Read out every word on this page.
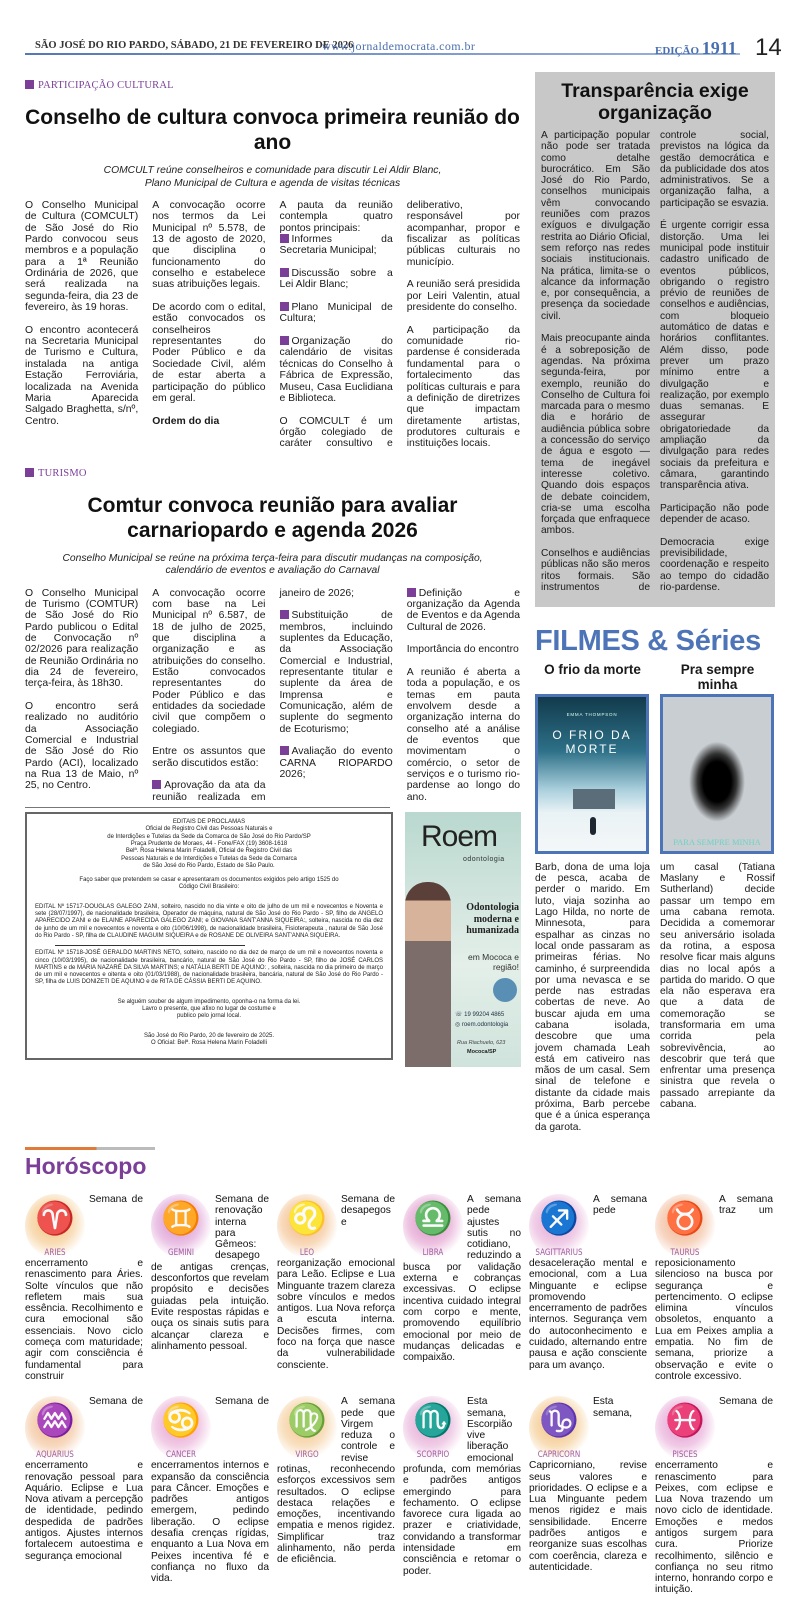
SÃO JOSÉ DO RIO PARDO, SÁBADO, 21 DE FEVEREIRO DE 2026
www.jornaldemocrata.com.br	EDIÇÃO 1911 14
PARTICIPAÇÃO CULTURAL
Conselho de cultura convoca primeira reunião do ano
COMCULT reúne conselheiros e comunidade para discutir Lei Aldir Blanc, Plano Municipal de Cultura e agenda de visitas técnicas

O Conselho Municipal de Cultura (COMCULT) de São José do Rio Pardo convocou seus membros e a população para a 1ª Reunião Ordinária de 2026, que será realizada na segunda-feira, dia 23 de fevereiro, às 19 horas.

O encontro acontecerá na Secretaria Municipal de Turismo e Cultura, instalada na antiga Estação Ferroviária, localizada na Avenida Maria Aparecida Salgado Braghetta, s/nº, Centro.

A convocação ocorre nos termos da Lei Municipal nº 5.578, de 13 de agosto de 2020, que disciplina o funcionamento do conselho e estabelece suas atribuições legais.

De acordo com o edital, estão convocados os conselheiros representantes do Poder Público e da Sociedade Civil, além de estar aberta a participação do público em geral.

Ordem do dia

A pauta da reunião contempla quatro pontos principais:

Informes da Secretaria Municipal;

Discussão sobre a Lei Aldir Blanc;

Plano Municipal de Cultura;

Organização do calendário de visitas técnicas do Conselho à Fábrica de Expressão, Museu, Casa Euclidiana e Biblioteca.

O COMCULT é um órgão colegiado de caráter consultivo e deliberativo, responsável por acompanhar, propor e fiscalizar as políticas públicas culturais no município.

A reunião será presidida por Leiri Valentin, atual presidente do conselho.

A participação da comunidade rio-pardense é considerada fundamental para o fortalecimento das políticas culturais e para a definição de diretrizes que impactam diretamente artistas, produtores culturais e instituições locais.

TURISMO
Comtur convoca reunião para avaliar carnariopardo e agenda 2026
Conselho Municipal se reúne na próxima terça-feira para discutir mudanças na composição, calendário de eventos e avaliação do Carnaval

O Conselho Municipal de Turismo (COMTUR) de São José do Rio Pardo publicou o Edital de Convocação nº 02/2026 para realização de Reunião Ordinária no dia 24 de fevereiro, terça-feira, às 18h30.

O encontro será realizado no auditório da Associação Comercial e Industrial de São José do Rio Pardo (ACI), localizado na Rua 13 de Maio, nº 25, no Centro.

A convocação ocorre com base na Lei Municipal nº 6.587, de 18 de julho de 2025, que disciplina a organização e as atribuições do conselho. Estão convocados representantes do Poder Público e das entidades da sociedade civil que compõem o colegiado.

Entre os assuntos que serão discutidos estão:

Aprovação da ata da reunião realizada em janeiro de 2026;

Substituição de membros, incluindo suplentes da Educação, da Associação Comercial e Industrial, representante titular e suplente da área de Imprensa e Comunicação, além de suplente do segmento de Ecoturismo;

Avaliação do evento CARNA RIOPARDO 2026;

Definição e organização da Agenda de Eventos e da Agenda Cultural de 2026.

Importância do encontro

A reunião é aberta a toda a população, e os temas em pauta envolvem desde a organização interna do conselho até a análise de eventos que movimentam o comércio, o setor de serviços e o turismo rio-pardense ao longo do ano.

EDITAIS DE PROCLAMAS
Oficial de Registro Civil das Pessoas Naturais e
de Interdições e Tutelas da Sede da Comarca de São José do Rio Pardo/SP
Praça Prudente de Moraes, 44 - Fone/FAX (19) 3608-1618
Belª. Rosa Helena Marin Foladelli, Oficial de Registro Civil das
Pessoas Naturais e de Interdições e Tutelas da Sede da Comarca
de São José do Rio Pardo, Estado de São Paulo.
Faço saber que pretendem se casar e apresentaram os documentos exigidos pelo artigo 1525 do Código Civil Brasileiro:
EDITAL Nº 15717-DOUGLAS GALEGO ZANI, solteiro, nascido no dia vinte e oito de julho de um mil e novecentos e Noventa e sete (28/07/1997), de nacionalidade brasileira, Operador de máquina, natural de São José do Rio Pardo - SP, filho de ANGELO APARECIDO ZANI e de ELAINE APARECIDA GALEGO ZANI; e GIOVANA SANT'ANNA SIQUEIRA:, solteira, nascida no dia dez de junho de um mil e novecentos e noventa e oito (10/06/1998), de nacionalidade brasileira, Fisioterapeuta , natural de São José do Rio Pardo - SP, filha de CLAUDINE MAGUIM SIQUEIRA e de ROSANE DE OLIVEIRA SANT'ANNA SIQUEIRA.
EDITAL Nº 15718-JOSÉ GERALDO MARTINS NETO, solteiro, nascido no dia dez de março de um mil e novecentos noventa e cinco (10/03/1995), de nacionalidade brasileira, bancário, natural de São José do Rio Pardo - SP, filho de JOSÉ CARLOS MARTINS e de MARIA NAZARÉ DA SILVA MARTINS; e NATÁLIA BERTI DE AQUINO: , solteira, nascida no dia primeiro de março de um mil e novecentos e oitenta e oito (01/03/1988), de nacionalidade brasileira, bancária, natural de São José do Rio Pardo - SP, filha de LUIS DONIZETI DE AQUINO e de RITA DE CÁSSIA BERTI DE AQUINO.
Se alguém souber de algum impedimento, oponha-o na forma da lei.
Lavro o presente, que afixo no lugar de costume e
publico pelo jornal local.
São José do Rio Pardo, 20 de fevereiro de 2025.
O Oficial: Belª. Rosa Helena Marin Foladelli
Roem
odontologia
Odontologia moderna e humanizada
em Mococa e região!
☏ 19 99204 4865
◎ roem.odontologia
Rua Riachuelo, 623
Mococa/SP
Transparência exige organização

A participação popular não pode ser tratada como detalhe burocrático. Em São José do Rio Pardo, conselhos municipais vêm convocando reuniões com prazos exíguos e divulgação restrita ao Diário Oficial, sem reforço nas redes sociais institucionais. Na prática, limita-se o alcance da informação e, por consequência, a presença da sociedade civil.

Mais preocupante ainda é a sobreposição de agendas. Na próxima segunda-feira, por exemplo, reunião do Conselho de Cultura foi marcada para o mesmo dia e horário de audiência pública sobre a concessão do serviço de água e esgoto — tema de inegável interesse coletivo. Quando dois espaços de debate coincidem, cria-se uma escolha forçada que enfraquece ambos.

Conselhos e audiências públicas não são meros ritos formais. São instrumentos de controle social, previstos na lógica da gestão democrática e da publicidade dos atos administrativos. Se a organização falha, a participação se esvazia.

É urgente corrigir essa distorção. Uma lei municipal pode instituir cadastro unificado de eventos públicos, obrigando o registro prévio de reuniões de conselhos e audiências, com bloqueio automático de datas e horários conflitantes. Além disso, pode prever um prazo mínimo entre a divulgação e realização, por exemplo duas semanas. E assegurar obrigatoriedade da ampliação da divulgação para redes sociais da prefeitura e câmara, garantindo transparência ativa.

Participação não pode depender de acaso.

Democracia exige previsibilidade, coordenação e respeito ao tempo do cidadão rio-pardense.

FILMES & Séries
O frio da morte
EMMA THOMPSON
O FRIO DA MORTE
Barb, dona de uma loja de pesca, acaba de perder o marido. Em luto, viaja sozinha ao Lago Hilda, no norte de Minnesota, para espalhar as cinzas no local onde passaram as primeiras férias. No caminho, é surpreendida por uma nevasca e se perde nas estradas cobertas de neve. Ao buscar ajuda em uma cabana isolada, descobre que uma jovem chamada Leah está em cativeiro nas mãos de um casal. Sem sinal de telefone e distante da cidade mais próxima, Barb percebe que é a única esperança da garota.
Pra sempre minha
PARA SEMPRE MINHA
um casal (Tatiana Maslany e Rossif Sutherland) decide passar um tempo em uma cabana remota. Decidida a comemorar seu aniversário isolada da rotina, a esposa resolve ficar mais alguns dias no local após a partida do marido. O que ela não esperava era que a data de comemoração se transformaria em uma corrida pela sobrevivência, ao descobrir que terá que enfrentar uma presença sinistra que revela o passado arrepiante da cabana.
Horóscopo
♈
ARIES
Semana de encerramento e renascimento para Áries. Solte vínculos que não refletem mais sua essência. Recolhimento e cura emocional são essenciais. Novo ciclo começa com maturidade; agir com consciência é fundamental para construir
♊
GEMINI
Semana de renovação interna para Gêmeos: desapego de antigas crenças, desconfortos que revelam propósito e decisões guiadas pela intuição. Evite respostas rápidas e ouça os sinais sutis para alcançar clareza e alinhamento pessoal.
♌
LEO
Semana de desapegos e reorganização emocional para Leão. Eclipse e Lua Minguante trazem clareza sobre vínculos e medos antigos. Lua Nova reforça a escuta interna. Decisões firmes, com foco na força que nasce da vulnerabilidade consciente.
♎
LIBRA
A semana pede ajustes sutis no cotidiano, reduzindo a busca por validação externa e cobranças excessivas. O eclipse incentiva cuidado integral com corpo e mente, promovendo equilíbrio emocional por meio de mudanças delicadas e compaixão.
♐
SAGITTARIUS
A semana pede desaceleração mental e emocional, com a Lua Minguante e eclipse promovendo encerramento de padrões internos. Segurança vem do autoconhecimento e cuidado, alternando entre pausa e ação consciente para um avanço.
♉
TAURUS
A semana traz um reposicionamento silencioso na busca por segurança e pertencimento. O eclipse elimina vínculos obsoletos, enquanto a Lua em Peixes amplia a empatia. No fim de semana, priorize a observação e evite o controle excessivo.
♒
AQUARIUS
Semana de encerramento e renovação pessoal para Aquário. Eclipse e Lua Nova ativam a percepção de identidade, pedindo despedida de padrões antigos. Ajustes internos fortalecem autoestima e segurança emocional
♋
CANCER
Semana de encerramentos internos e expansão da consciência para Câncer. Emoções e padrões antigos emergem, pedindo liberação. O eclipse desafia crenças rígidas, enquanto a Lua Nova em Peixes incentiva fé e confiança no fluxo da vida.
♍
VIRGO
A semana pede que Virgem reduza o controle e revise rotinas, reconhecendo esforços excessivos sem resultados. O eclipse destaca relações e emoções, incentivando empatia e menos rigidez. Simplificar traz alinhamento, não perda de eficiência.
♏
SCORPIO
Esta semana, Escorpião vive liberação emocional profunda, com memórias e padrões antigos emergindo para fechamento. O eclipse favorece cura ligada ao prazer e criatividade, convidando a transformar intensidade em consciência e retomar o poder.
♑
CAPRICORN
Esta semana, Capricorniano, revise seus valores e prioridades. O eclipse e a Lua Minguante pedem menos rigidez e mais sensibilidade. Encerre padrões antigos e reorganize suas escolhas com coerência, clareza e autenticidade.
♓
PISCES
Semana de encerramento e renascimento para Peixes, com eclipse e Lua Nova trazendo um novo ciclo de identidade. Emoções e medos antigos surgem para cura. Priorize recolhimento, silêncio e confiança no seu ritmo interno, honrando corpo e intuição.
